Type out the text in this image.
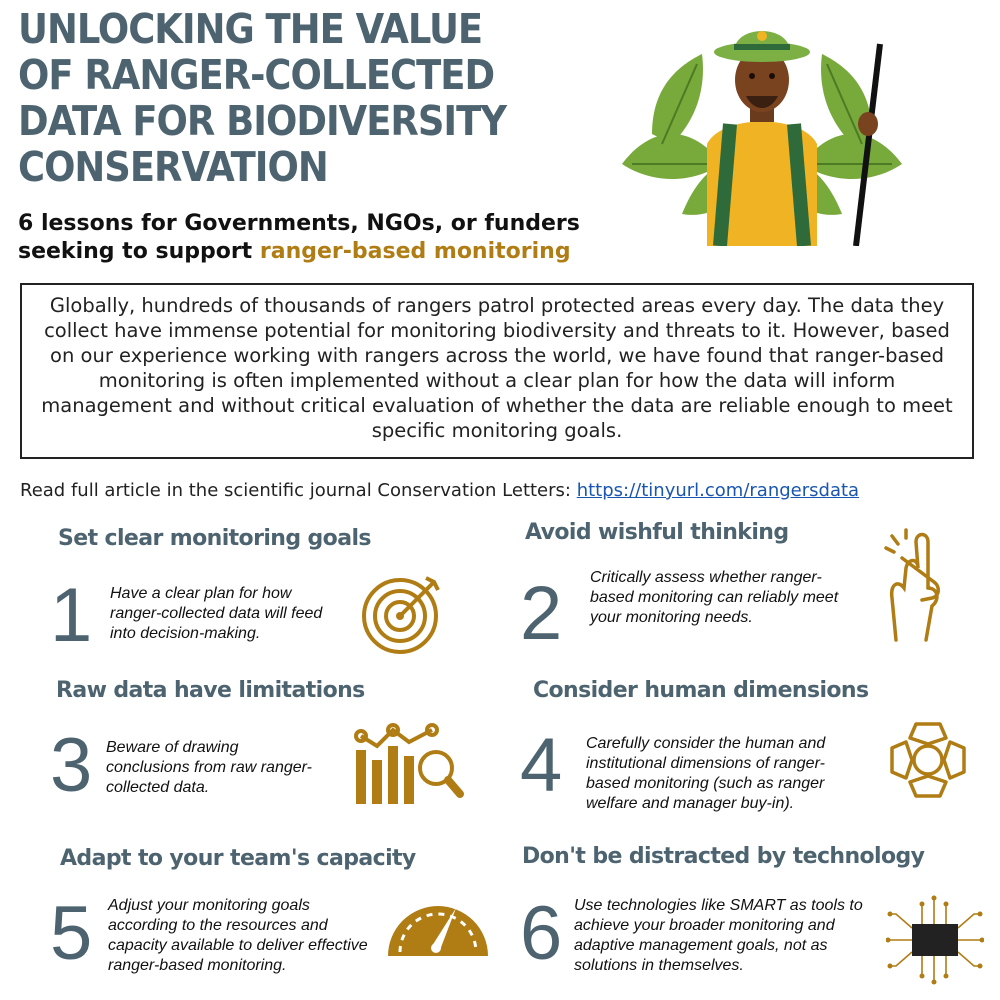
UNLOCKING THE VALUE
OF RANGER-COLLECTED
DATA FOR BIODIVERSITY
CONSERVATION
6 lessons for Governments, NGOs, or funders
seeking to support ranger-based monitoring
Globally, hundreds of thousands of rangers patrol protected areas every day. The data they collect have immense potential for monitoring biodiversity and threats to it. However, based on our experience working with rangers across the world, we have found that ranger-based monitoring is often implemented without a clear plan for how the data will inform management and without critical evaluation of whether the data are reliable enough to meet specific monitoring goals.
Read full article in the scientific journal Conservation Letters: https://tinyurl.com/rangersdata
Set clear monitoring goals
1 Have a clear plan for how ranger-collected data will feed into decision-making.
Avoid wishful thinking
2 Critically assess whether ranger-based monitoring can reliably meet your monitoring needs.
Raw data have limitations
3 Beware of drawing conclusions from raw ranger-collected data.
Consider human dimensions
4 Carefully consider the human and institutional dimensions of ranger-based monitoring (such as ranger welfare and manager buy-in).
Adapt to your team's capacity
5 Adjust your monitoring goals according to the resources and capacity available to deliver effective ranger-based monitoring.
Don't be distracted by technology
6 Use technologies like SMART as tools to achieve your broader monitoring and adaptive management goals, not as solutions in themselves.
